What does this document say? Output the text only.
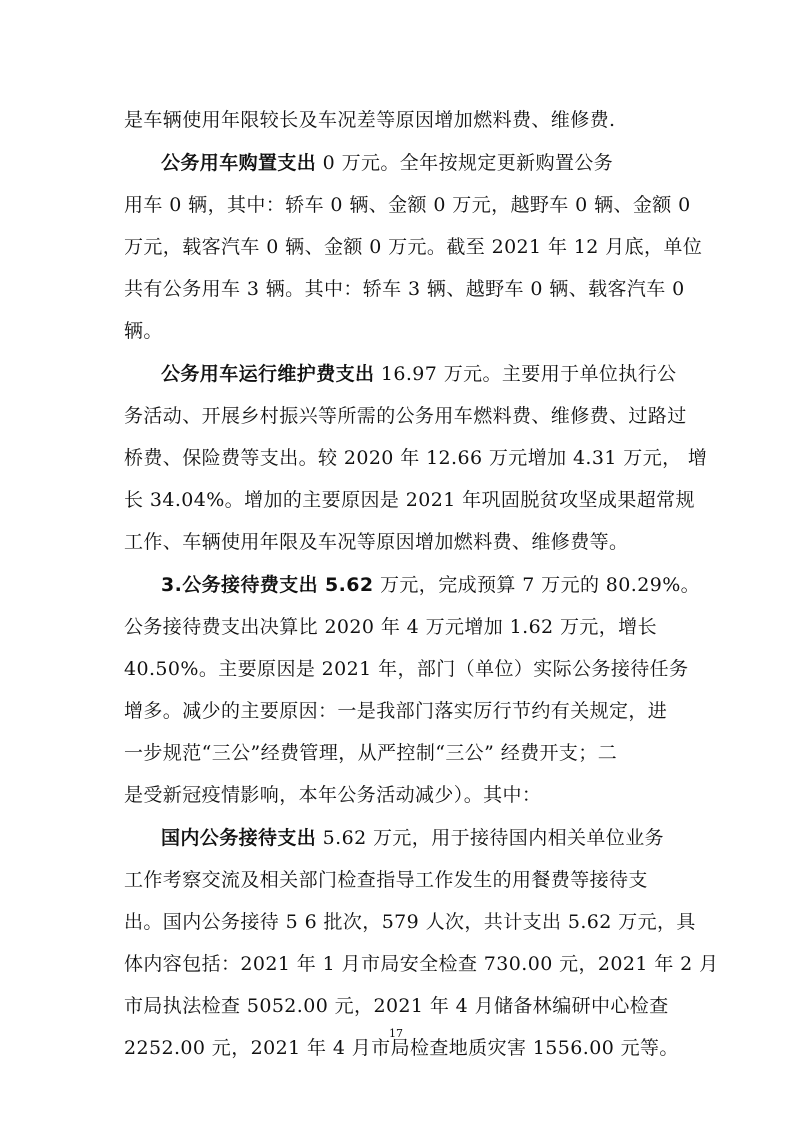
是车辆使用年限较长及车况差等原因增加燃料费、维修费.
公务用车购置支出 0 万元。全年按规定更新购置公务
用车 0 辆，其中：轿车 0 辆、金额 0 万元，越野车 0 辆、金额 0
万元，载客汽车 0 辆、金额 0 万元。截至 2021 年 12 月底，单位
共有公务用车 3 辆。其中：轿车 3 辆、越野车 0 辆、载客汽车 0
辆。
公务用车运行维护费支出 16.97 万元。主要用于单位执行公
务活动、开展乡村振兴等所需的公务用车燃料费、维修费、过路过
桥费、保险费等支出。较 2020 年 12.66 万元增加 4.31 万元， 增
长 34.04%。增加的主要原因是 2021 年巩固脱贫攻坚成果超常规
工作、车辆使用年限及车况等原因增加燃料费、维修费等。
3.公务接待费支出 5.62 万元，完成预算 7 万元的 80.29%。
公务接待费支出决算比 2020 年 4 万元增加 1.62 万元，增长
40.50%。主要原因是 2021 年，部门（单位）实际公务接待任务
增多。减少的主要原因：一是我部门落实厉行节约有关规定，进
一步规范“三公”经费管理，从严控制“三公” 经费开支；二
是受新冠疫情影响，本年公务活动减少）。其中：
国内公务接待支出 5.62 万元，用于接待国内相关单位业务
工作考察交流及相关部门检查指导工作发生的用餐费等接待支
出。国内公务接待 5 6 批次，579 人次，共计支出 5.62 万元，具
体内容包括：2021 年 1 月市局安全检查 730.00 元，2021 年 2 月
市局执法检查 5052.00 元，2021 年 4 月储备林编研中心检查
2252.00 元，2021 年 4 月市局检查地质灾害 1556.00 元等。
17
